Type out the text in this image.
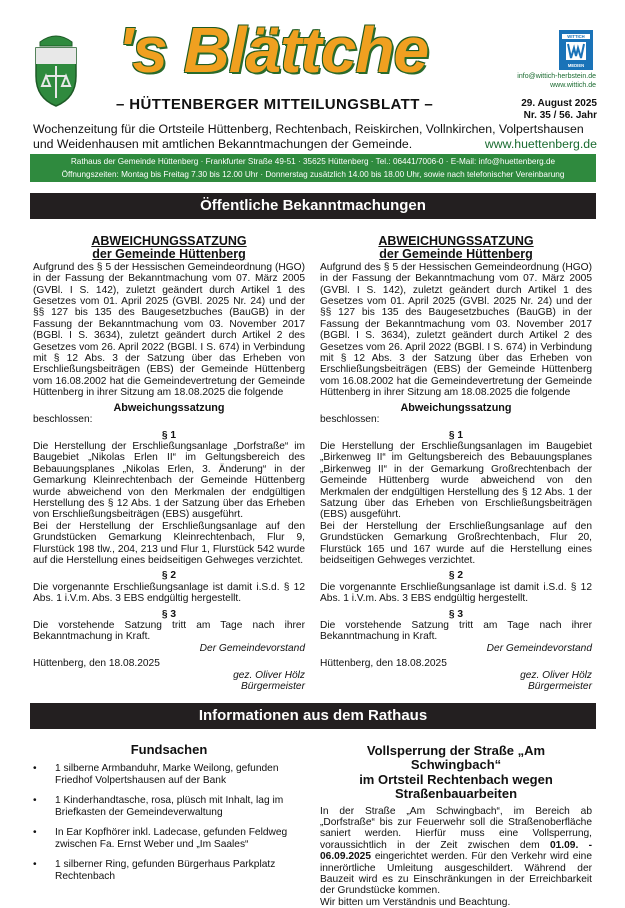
's Blättche	WITTICH
MEDIEN
info@wittich-herbstein.de
www.wittich.de
– HÜTTENBERGER MITTEILUNGSBLATT –	29. August 2025
Nr. 35 / 56. Jahr
Wochenzeitung für die Ortsteile Hüttenberg, Rechtenbach, Reiskirchen, Vollnkirchen, Volpertshausen und Weidenhausen mit amtlichen Bekanntmachungen der Gemeinde.	www.huettenberg.de
Rathaus der Gemeinde Hüttenberg · Frankfurter Straße 49-51 · 35625 Hüttenberg · Tel.: 06441/7006-0 · E-Mail: info@huettenberg.de
Öffnungszeiten: Montag bis Freitag 7.30 bis 12.00 Uhr · Donnerstag zusätzlich 14.00 bis 18.00 Uhr, sowie nach telefonischer Vereinbarung
Öffentliche Bekanntmachungen
ABWEICHUNGSSATZUNG
der Gemeinde Hüttenberg
Aufgrund des § 5 der Hessischen Gemeindeordnung (HGO) in der Fassung der Bekanntmachung vom 07. März 2005 (GVBl. I S. 142), zuletzt geändert durch Artikel 1 des Gesetzes vom 01. April 2025 (GVBl. 2025 Nr. 24) und der §§ 127 bis 135 des Baugesetzbuches (BauGB) in der Fassung der Bekanntmachung vom 03. November 2017 (BGBl. I S. 3634), zuletzt geändert durch Artikel 2 des Gesetzes vom 26. April 2022 (BGBl. I S. 674) in Verbindung mit § 12 Abs. 3 der Satzung über das Erheben von Erschließungsbeiträgen (EBS) der Gemeinde Hüttenberg vom 16.08.2002 hat die Gemeindevertretung der Gemeinde Hüttenberg in ihrer Sitzung am 18.08.2025 die folgende
Abweichungssatzung
beschlossen:
§ 1
Die Herstellung der Erschließungsanlage „Dorfstraße“ im Baugebiet „Nikolas Erlen II“ im Geltungsbereich des Bebauungsplanes „Nikolas Erlen, 3. Änderung“ in der Gemarkung Kleinrechtenbach der Gemeinde Hüttenberg wurde abweichend von den Merkmalen der endgültigen Herstellung des § 12 Abs. 1 der Satzung über das Erheben von Erschließungsbeiträgen (EBS) ausgeführt.
Bei der Herstellung der Erschließungsanlage auf den Grundstücken Gemarkung Kleinrechtenbach, Flur 9, Flurstück 198 tlw., 204, 213 und Flur 1, Flurstück 542 wurde auf die Herstellung eines beidseitigen Gehweges verzichtet.
§ 2
Die vorgenannte Erschließungsanlage ist damit i.S.d. § 12 Abs. 1 i.V.m. Abs. 3 EBS endgültig hergestellt.
§ 3
Die vorstehende Satzung tritt am Tage nach ihrer Bekanntmachung in Kraft.
Der Gemeindevorstand
Hüttenberg, den 18.08.2025
gez. Oliver Hölz
Bürgermeister
ABWEICHUNGSSATZUNG
der Gemeinde Hüttenberg
Aufgrund des § 5 der Hessischen Gemeindeordnung (HGO) in der Fassung der Bekanntmachung vom 07. März 2005 (GVBl. I S. 142), zuletzt geändert durch Artikel 1 des Gesetzes vom 01. April 2025 (GVBl. 2025 Nr. 24) und der §§ 127 bis 135 des Baugesetzbuches (BauGB) in der Fassung der Bekanntmachung vom 03. November 2017 (BGBl. I S. 3634), zuletzt geändert durch Artikel 2 des Gesetzes vom 26. April 2022 (BGBl. I S. 674) in Verbindung mit § 12 Abs. 3 der Satzung über das Erheben von Erschließungsbeiträgen (EBS) der Gemeinde Hüttenberg vom 16.08.2002 hat die Gemeindevertretung der Gemeinde Hüttenberg in ihrer Sitzung am 18.08.2025 die folgende
Abweichungssatzung
beschlossen:
§ 1
Die Herstellung der Erschließungsanlagen im Baugebiet „Birkenweg II“ im Geltungsbereich des Bebauungsplanes „Birkenweg II“ in der Gemarkung Großrechtenbach der Gemeinde Hüttenberg wurde abweichend von den Merkmalen der endgültigen Herstellung des § 12 Abs. 1 der Satzung über das Erheben von Erschließungsbeiträgen (EBS) ausgeführt.
Bei der Herstellung der Erschließungsanlage auf den Grundstücken Gemarkung Großrechtenbach, Flur 20, Flurstück 165 und 167 wurde auf die Herstellung eines beidseitigen Gehweges verzichtet.
§ 2
Die vorgenannte Erschließungsanlage ist damit i.S.d. § 12 Abs. 1 i.V.m. Abs. 3 EBS endgültig hergestellt.
§ 3
Die vorstehende Satzung tritt am Tage nach ihrer Bekanntmachung in Kraft.
Der Gemeindevorstand
Hüttenberg, den 18.08.2025
gez. Oliver Hölz
Bürgermeister
Informationen aus dem Rathaus
Fundsachen
• 1 silberne Armbanduhr, Marke Weilong, gefunden Friedhof Volpertshausen auf der Bank
• 1 Kinderhandtasche, rosa, plüsch mit Inhalt, lag im Briefkasten der Gemeindeverwaltung
• In Ear Kopfhörer inkl. Ladecase, gefunden Feldweg zwischen Fa. Ernst Weber und „Im Saales“
• 1 silberner Ring, gefunden Bürgerhaus Parkplatz Rechtenbach
Vollsperrung der Straße „Am Schwingbach“
im Ortsteil Rechtenbach wegen
Straßenbauarbeiten
In der Straße „Am Schwingbach“, im Bereich ab „Dorfstraße“ bis zur Feuerwehr soll die Straßenoberfläche saniert werden. Hierfür muss eine Vollsperrung, voraussichtlich in der Zeit zwischen dem 01.09. - 06.09.2025 eingerichtet werden. Für den Verkehr wird eine innerörtliche Umleitung ausgeschildert. Während der Bauzeit wird es zu Einschränkungen in der Erreichbarkeit der Grundstücke kommen.
Wir bitten um Verständnis und Beachtung.
